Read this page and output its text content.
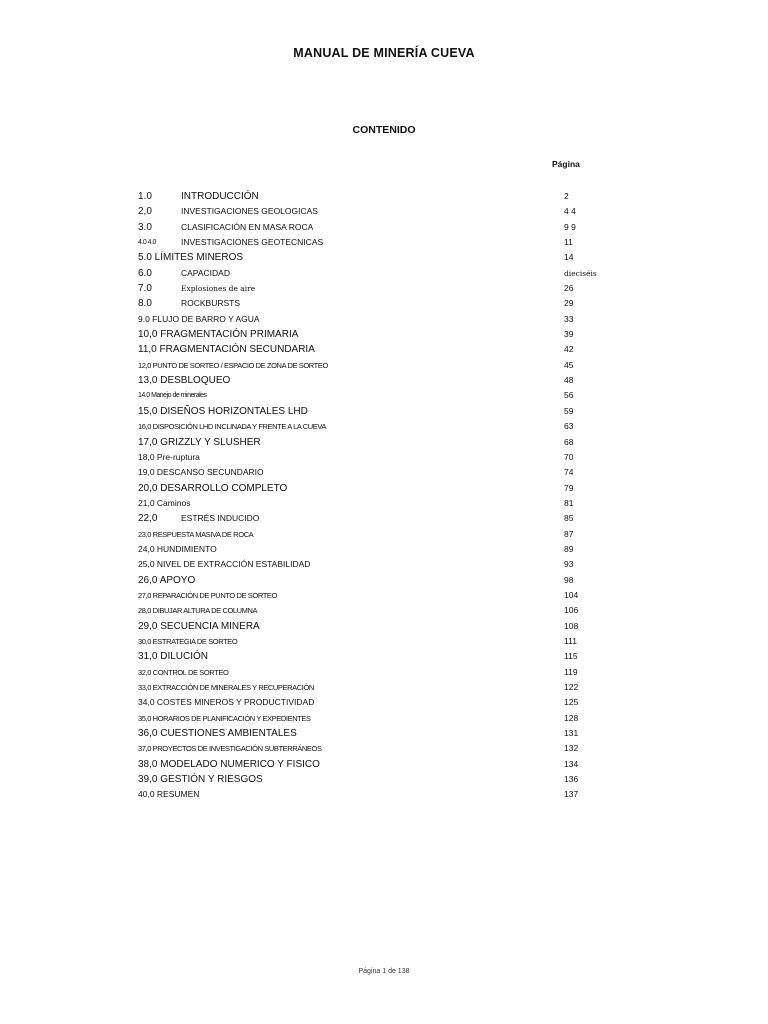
MANUAL DE MINERÍA CUEVA
CONTENIDO
Página
1.0	INTRODUCCIÓN	2
2,0	INVESTIGACIONES GEOLOGICAS	4 4
3.0	CLASIFICACIÓN EN MASA ROCA	9 9
4.0 4.0	INVESTIGACIONES GEOTECNICAS	11
5.0 LÍMITES MINEROS	14
6.0	CAPACIDAD	dieciséis
7.0	Explosiones de aire	26
8.0	ROCKBURSTS	29
9.0 FLUJO DE BARRO Y AGUA	33
10,0 FRAGMENTACIÓN PRIMARIA	39
11,0 FRAGMENTACIÓN SECUNDARIA	42
12,0 PUNTO DE SORTEO / ESPACIO DE ZONA DE SORTEO	45
13,0 DESBLOQUEO	48
14.0 Manejo de minerales	56
15,0 DISEÑOS HORIZONTALES LHD	59
16,0 DISPOSICIÓN LHD INCLINADA Y FRENTE A LA CUEVA	63
17,0 GRIZZLY Y SLUSHER	68
18,0 Pre-ruptura	70
19,0 DESCANSO SECUNDARIO	74
20,0 DESARROLLO COMPLETO	79
21,0 Caminos	81
22,0	ESTRÉS INDUCIDO	85
23,0 RESPUESTA MASIVA DE ROCA	87
24,0 HUNDIMIENTO	89
25,0 NIVEL DE EXTRACCIÓN ESTABILIDAD	93
26,0 APOYO	98
27,0 REPARACIÓN DE PUNTO DE SORTEO	104
28,0 DIBUJAR ALTURA DE COLUMNA	106
29,0 SECUENCIA MINERA	108
30,0 ESTRATEGIA DE SORTEO	111
31,0 DILUCIÓN	115
32,0 CONTROL DE SORTEO	119
33,0 EXTRACCIÓN DE MINERALES Y RECUPERACIÓN	122
34,0 COSTES MINEROS Y PRODUCTIVIDAD	125
35,0 HORARIOS DE PLANIFICACIÓN Y EXPEDIENTES	128
36,0 CUESTIONES AMBIENTALES	131
37,0 PROYECTOS DE INVESTIGACIÓN SUBTERRÁNEOS	132
38,0 MODELADO NUMERICO Y FISICO	134
39,0 GESTIÓN Y RIESGOS	136
40,0 RESUMEN	137
Página 1 de 138
